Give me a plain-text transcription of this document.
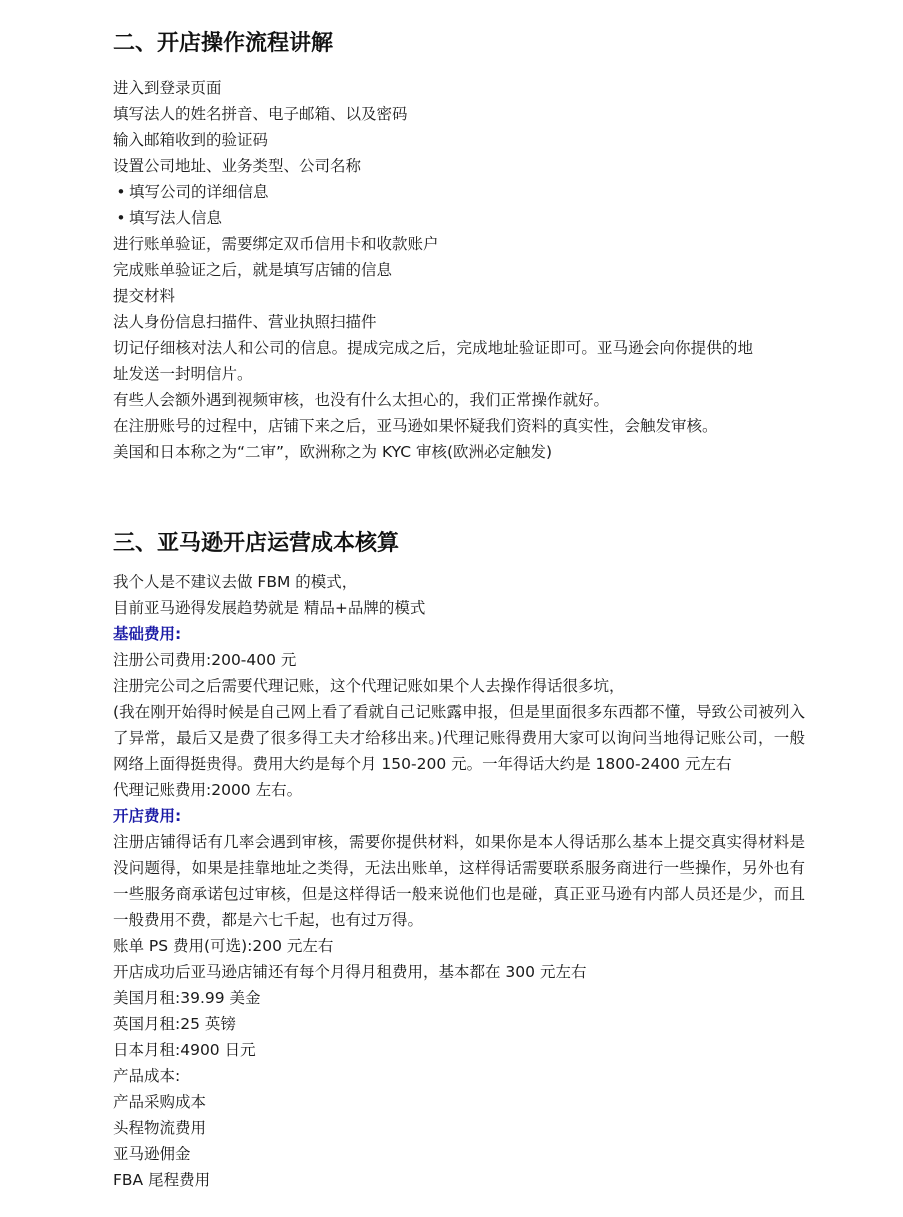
二、开店操作流程讲解

进入到登录页面

填写法人的姓名拼音、电子邮箱、以及密码

输入邮箱收到的验证码

设置公司地址、业务类型、公司名称

• 填写公司的详细信息

• 填写法人信息

进行账单验证，需要绑定双币信用卡和收款账户

完成账单验证之后，就是填写店铺的信息

提交材料

法人身份信息扫描件、营业执照扫描件

切记仔细核对法人和公司的信息。提成完成之后，完成地址验证即可。亚马逊会向你提供的地址发送一封明信片。

有些人会额外遇到视频审核，也没有什么太担心的，我们正常操作就好。

在注册账号的过程中，店铺下来之后，亚马逊如果怀疑我们资料的真实性，会触发审核。

美国和日本称之为“二审”，欧洲称之为 KYC 审核(欧洲必定触发)

三、亚马逊开店运营成本核算

我个人是不建议去做 FBM 的模式，

目前亚马逊得发展趋势就是 精品+品牌的模式

基础费用:

注册公司费用:200-400 元

注册完公司之后需要代理记账，这个代理记账如果个人去操作得话很多坑，

(我在刚开始得时候是自己网上看了看就自己记账露申报，但是里面很多东西都不懂，导致公司被列入了异常，最后又是费了很多得工夫才给移出来。)代理记账得费用大家可以询问当地得记账公司，一般网络上面得挺贵得。费用大约是每个月 150-200 元。一年得话大约是 1800-2400 元左右

代理记账费用:2000 左右。

开店费用:

注册店铺得话有几率会遇到审核，需要你提供材料，如果你是本人得话那么基本上提交真实得材料是没问题得，如果是挂靠地址之类得，无法出账单，这样得话需要联系服务商进行一些操作，另外也有一些服务商承诺包过审核，但是这样得话一般来说他们也是碰，真正亚马逊有内部人员还是少，而且一般费用不费，都是六七千起，也有过万得。

账单 PS 费用(可选):200 元左右

开店成功后亚马逊店铺还有每个月得月租费用，基本都在 300 元左右

美国月租:39.99 美金

英国月租:25 英镑

日本月租:4900 日元

产品成本:

产品采购成本

头程物流费用

亚马逊佣金

FBA 尾程费用
